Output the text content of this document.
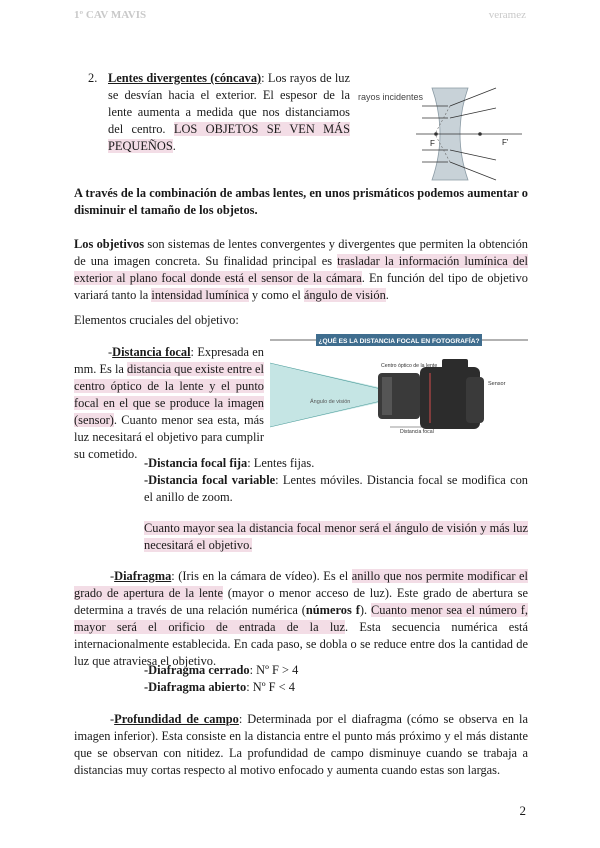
1º CAV MAVIS	veramez
2. Lentes divergentes (cóncava): Los rayos de luz se desvían hacia el exterior. El espesor de la lente aumenta a medida que nos distanciamos del centro. LOS OBJETOS SE VEN MÁS PEQUEÑOS.

rayos incidentes
F	F'

A través de la combinación de ambas lentes, en unos prismáticos podemos aumentar o disminuir el tamaño de los objetos.

Los objetivos son sistemas de lentes convergentes y divergentes que permiten la obtención de una imagen concreta. Su finalidad principal es trasladar la información lumínica del exterior al plano focal donde está el sensor de la cámara. En función del tipo de objetivo variará tanto la intensidad lumínica y como el ángulo de visión.

Elementos cruciales del objetivo:

-Distancia focal: Expresada en mm. Es la distancia que existe entre el centro óptico de la lente y el punto focal en el que se produce la imagen (sensor). Cuanto menor sea esta, más luz necesitará el objetivo para cumplir su cometido.

¿QUÉ ES LA DISTANCIA FOCAL EN FOTOGRAFÍA?
Ángulo de visión
Centro óptico de la lente
Sensor
Distancia focal

-Distancia focal fija: Lentes fijas.

-Distancia focal variable: Lentes móviles. Distancia focal se modifica con el anillo de zoom.

Cuanto mayor sea la distancia focal menor será el ángulo de visión y más luz necesitará el objetivo.

-Diafragma: (Iris en la cámara de vídeo). Es el anillo que nos permite modificar el grado de apertura de la lente (mayor o menor acceso de luz). Este grado de abertura se determina a través de una relación numérica (números f). Cuanto menor sea el número f, mayor será el orificio de entrada de la luz. Esta secuencia numérica está internacionalmente establecida. En cada paso, se dobla o se reduce entre dos la cantidad de luz que atraviesa el objetivo.

-Diafragma cerrado: Nº F > 4

-Diafragma abierto: Nº F < 4

-Profundidad de campo: Determinada por el diafragma (cómo se observa en la imagen inferior). Esta consiste en la distancia entre el punto más próximo y el más distante que se observan con nitidez. La profundidad de campo disminuye cuando se trabaja a distancias muy cortas respecto al motivo enfocado y aumenta cuando estas son largas.

2
